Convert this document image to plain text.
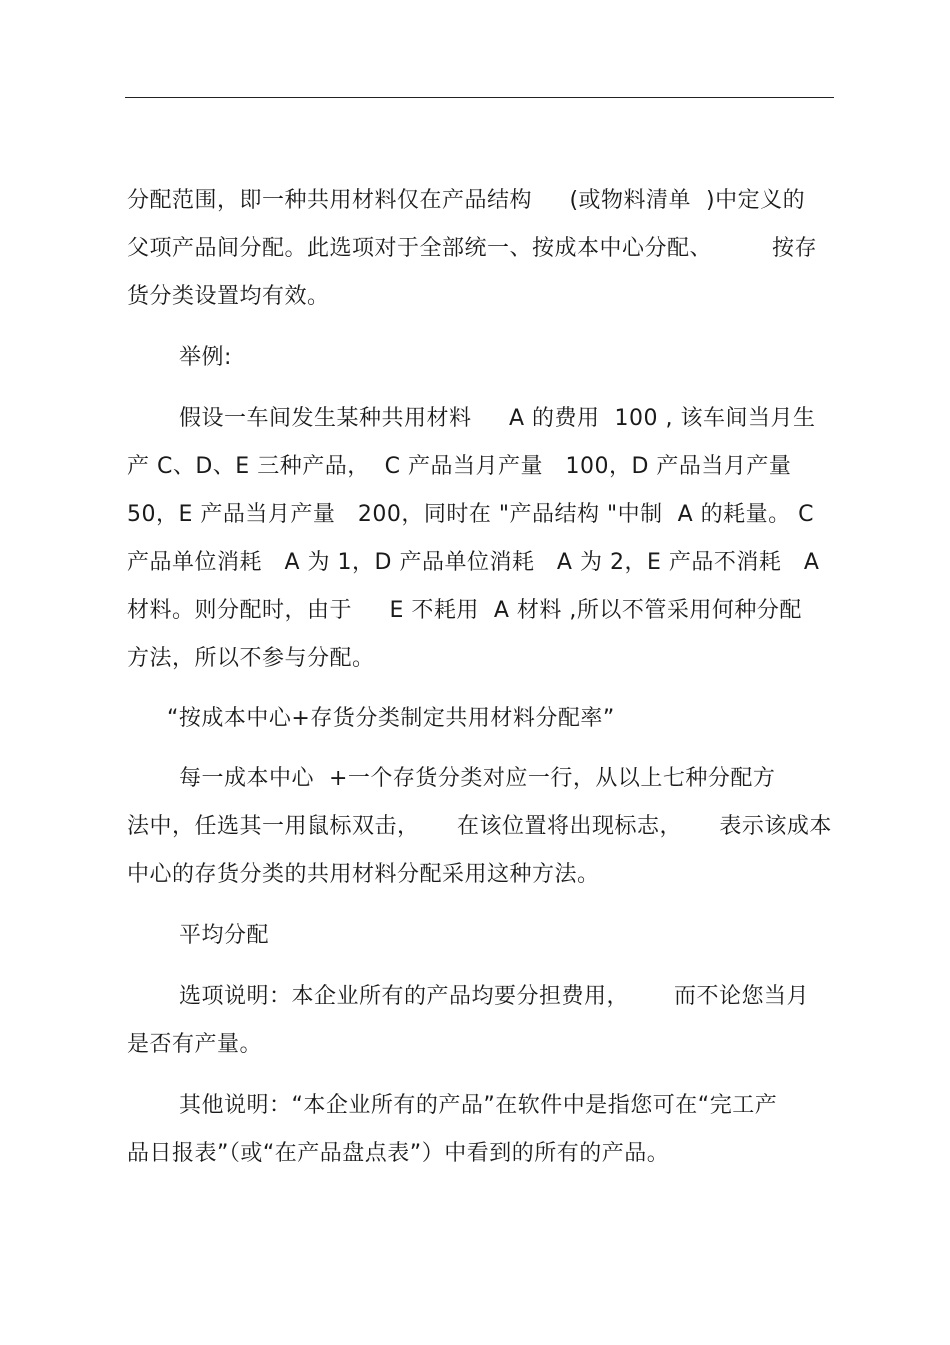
分配范围，即一种共用材料仅在产品结构     (或物料清单  )中定义的
父项产品间分配。此选项对于全部统一、按成本中心分配、        按存
货分类设置均有效。
举例:
假设一车间发生某种共用材料     A 的费用  100 , 该车间当月生
产 C、D、E 三种产品，  C 产品当月产量   100，D 产品当月产量
50，E 产品当月产量   200，同时在 "产品结构 "中制  A 的耗量。 C
产品单位消耗   A 为 1，D 产品单位消耗   A 为 2，E 产品不消耗   A
材料。则分配时，由于     E 不耗用  A 材料 ,所以不管采用何种分配
方法，所以不参与分配。
“按成本中心+存货分类制定共用材料分配率”
每一成本中心  +一个存货分类对应一行，从以上七种分配方
法中，任选其一用鼠标双击，     在该位置将出现标志，     表示该成本
中心的存货分类的共用材料分配采用这种方法。
平均分配
选项说明：本企业所有的产品均要分担费用，      而不论您当月
是否有产量。
其他说明：“本企业所有的产品”在软件中是指您可在“完工产
品日报表”（或“在产品盘点表”）中看到的所有的产品。
